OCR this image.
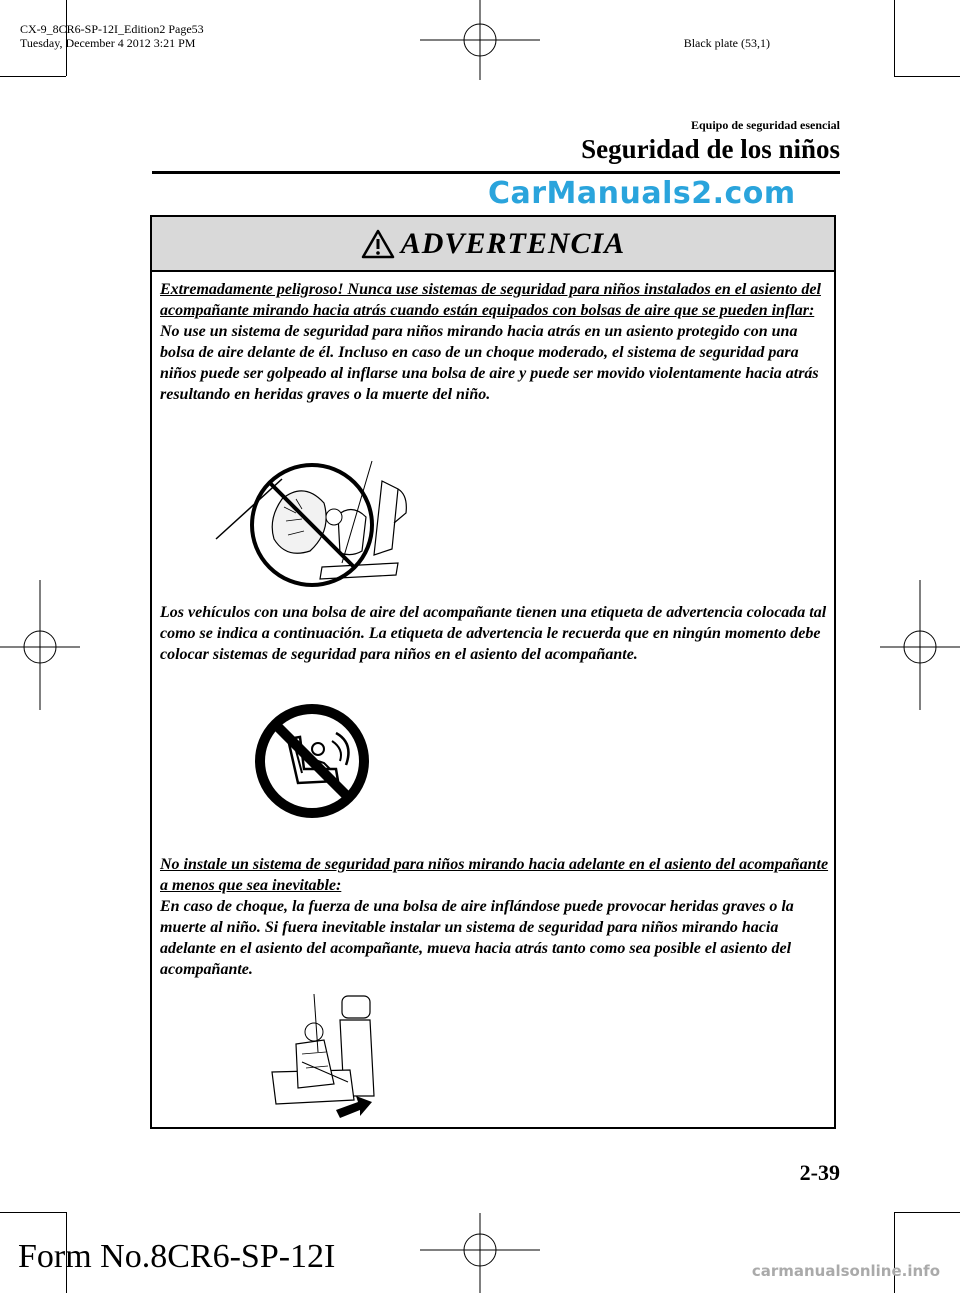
CX-9_8CR6-SP-12I_Edition2 Page53
Tuesday, December 4 2012 3:21 PM	Black plate (53,1)
Equipo de seguridad esencial
Seguridad de los niños
CarManuals2.com
ADVERTENCIA
Extremadamente peligroso! Nunca use sistemas de seguridad para niños instalados en el asiento del acompañante mirando hacia atrás cuando están equipados con bolsas de aire que se pueden inflar:
No use un sistema de seguridad para niños mirando hacia atrás en un asiento protegido con una bolsa de aire delante de él. Incluso en caso de un choque moderado, el sistema de seguridad para niños puede ser golpeado al inflarse una bolsa de aire y puede ser movido violentamente hacia atrás resultando en heridas graves o la muerte del niño.
Los vehículos con una bolsa de aire del acompañante tienen una etiqueta de advertencia colocada tal como se indica a continuación. La etiqueta de advertencia le recuerda que en ningún momento debe colocar sistemas de seguridad para niños en el asiento del acompañante.
No instale un sistema de seguridad para niños mirando hacia adelante en el asiento del acompañante a menos que sea inevitable:
En caso de choque, la fuerza de una bolsa de aire inflándose puede provocar heridas graves o la muerte al niño. Si fuera inevitable instalar un sistema de seguridad para niños mirando hacia adelante en el asiento del acompañante, mueva hacia atrás tanto como sea posible el asiento del acompañante.
2-39
Form No.8CR6-SP-12I	carmanualsonline.info
